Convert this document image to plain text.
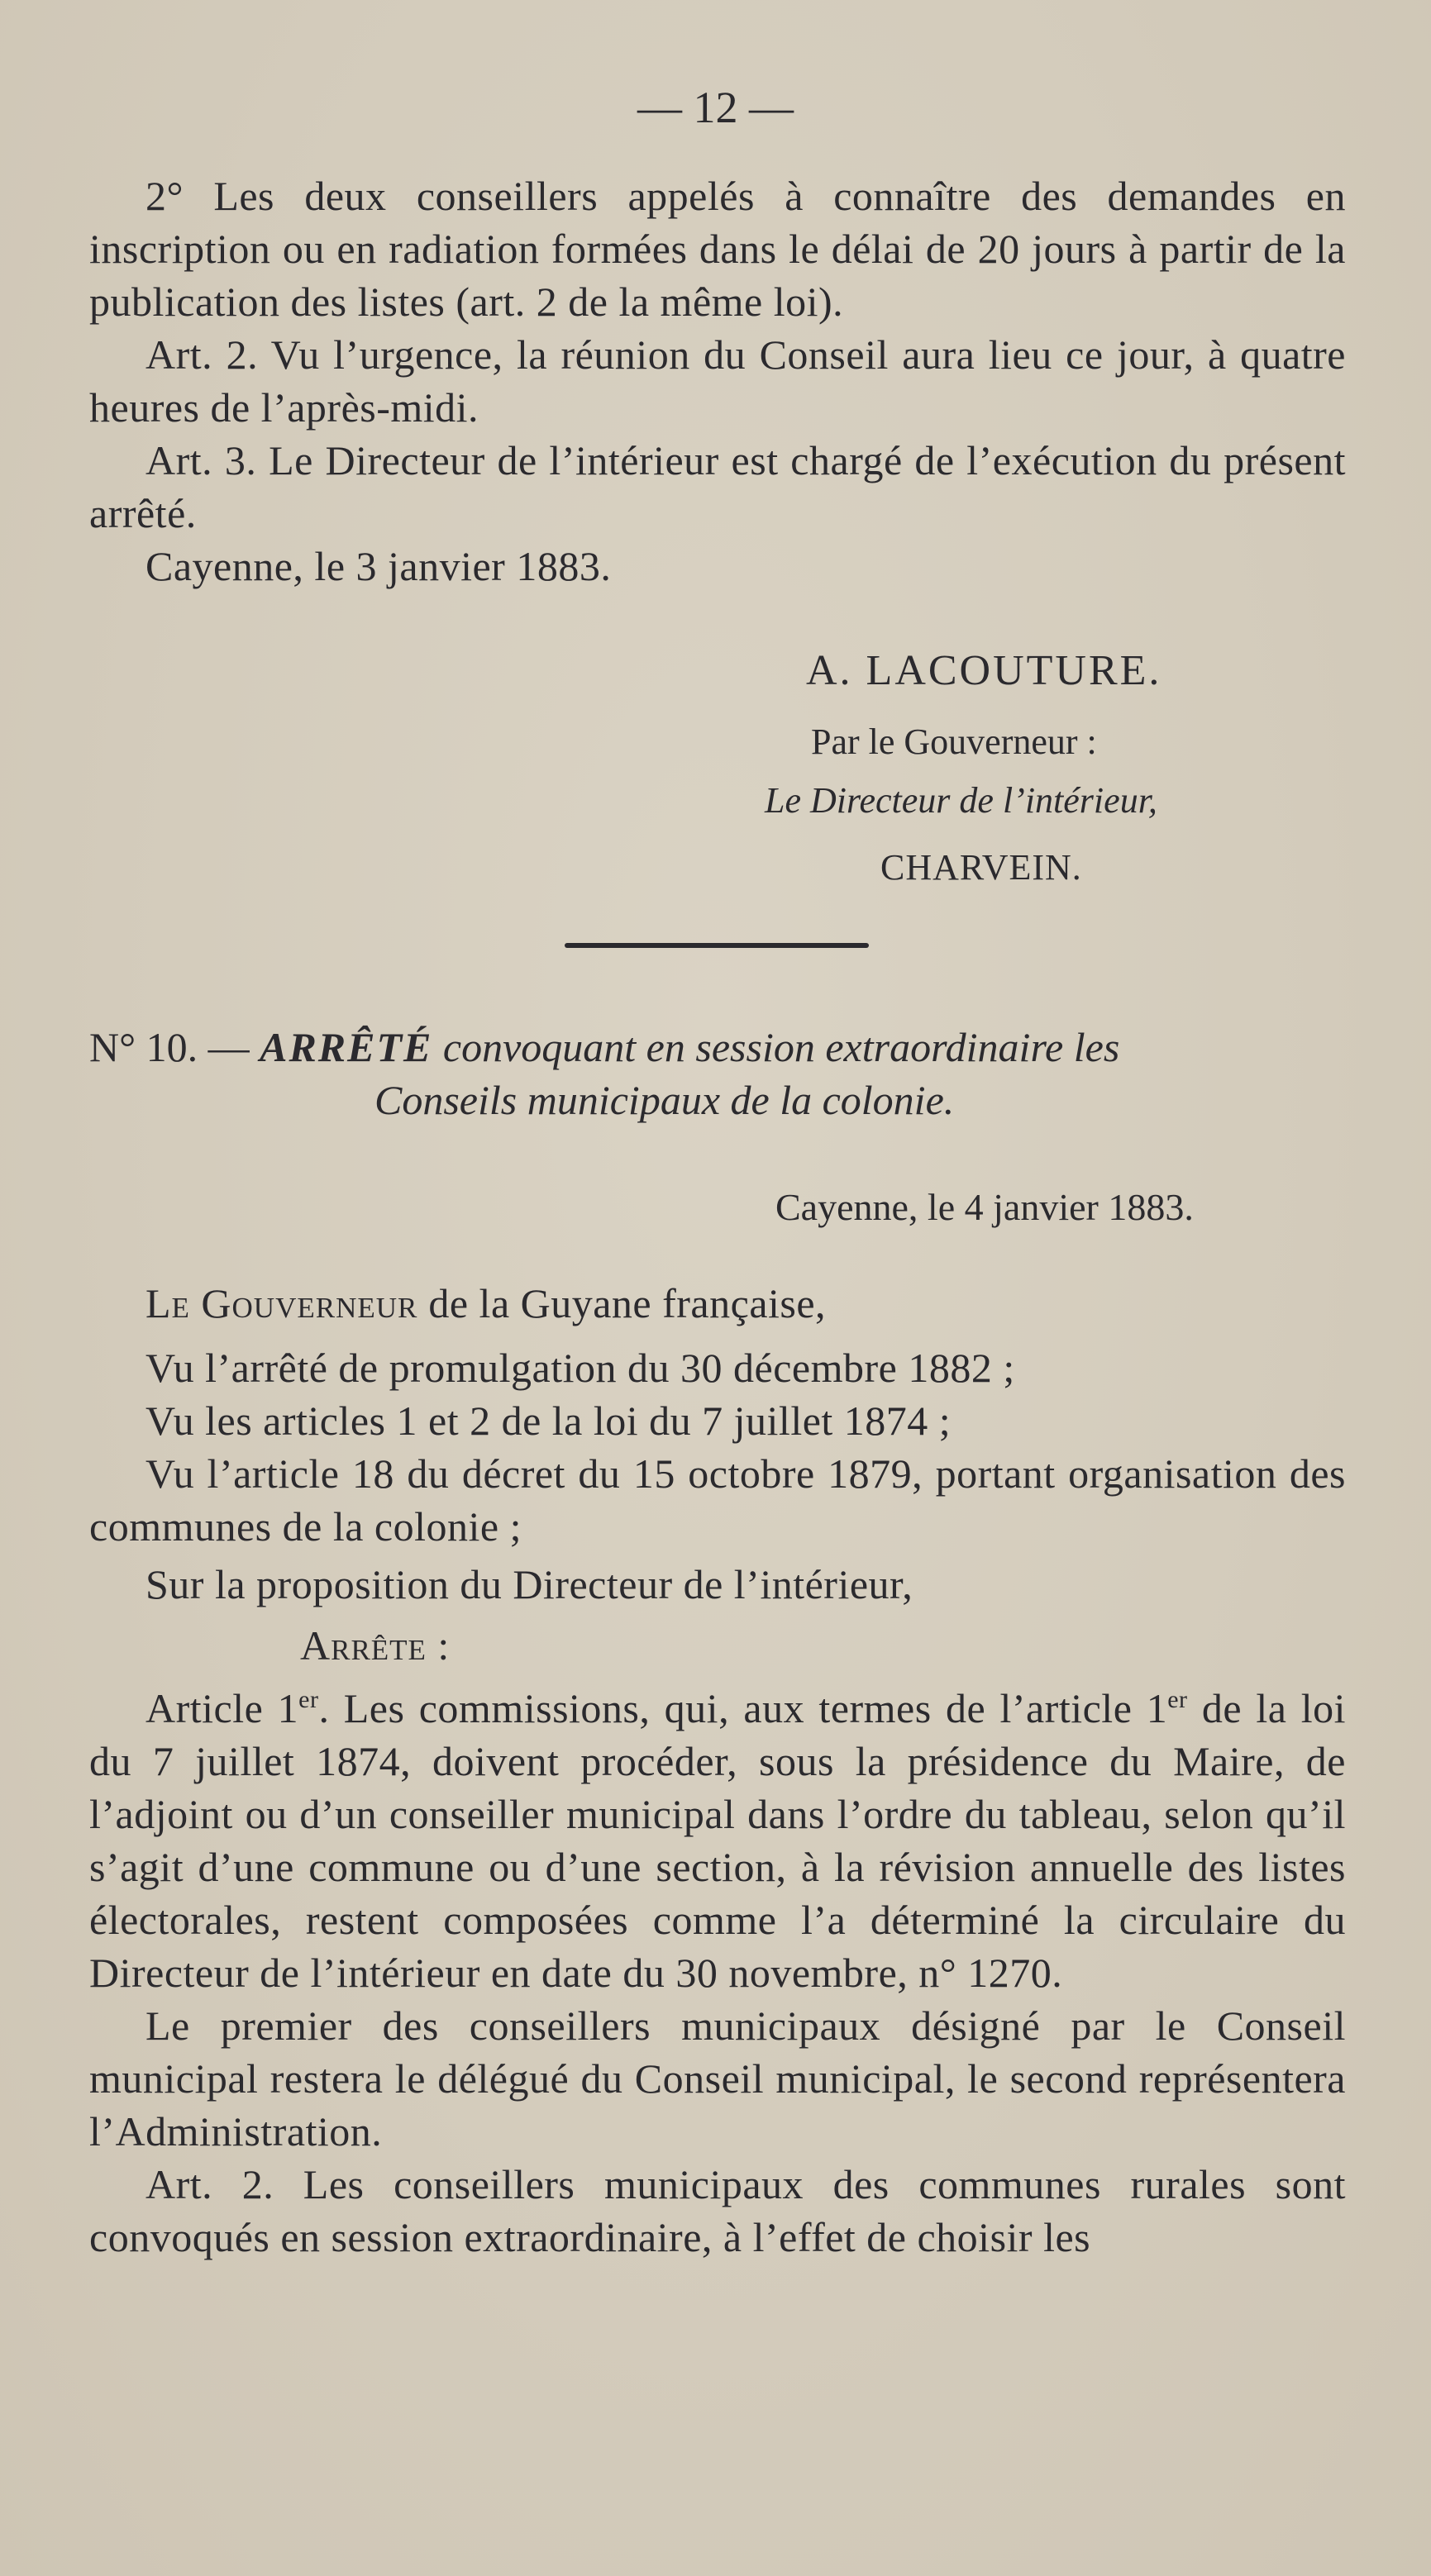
— 12 —

2° Les deux conseillers appelés à connaître des demandes en inscription ou en radiation formées dans le délai de 20 jours à partir de la publication des listes (art. 2 de la même loi).

Art. 2. Vu l’urgence, la réunion du Conseil aura lieu ce jour, à quatre heures de l’après-midi.

Art. 3. Le Directeur de l’intérieur est chargé de l’exécution du présent arrêté.

Cayenne, le 3 janvier 1883.

A. LACOUTURE.
Par le Gouverneur :
Le Directeur de l’intérieur,
CHARVEIN.
N° 10. — ARRÊTÉ convoquant en session extraordinaire les
Conseils municipaux de la colonie.
Cayenne, le 4 janvier 1883.

Le Gouverneur de la Guyane française,

Vu l’arrêté de promulgation du 30 décembre 1882 ;

Vu les articles 1 et 2 de la loi du 7 juillet 1874 ;

Vu l’article 18 du décret du 15 octobre 1879, portant organisation des communes de la colonie ;

Sur la proposition du Directeur de l’intérieur,

Arrête :

Article 1er. Les commissions, qui, aux termes de l’article 1er de la loi du 7 juillet 1874, doivent procéder, sous la présidence du Maire, de l’adjoint ou d’un conseiller municipal dans l’ordre du tableau, selon qu’il s’agit d’une commune ou d’une section, à la révision annuelle des listes électorales, restent composées comme l’a déterminé la circulaire du Directeur de l’intérieur en date du 30 novembre, n° 1270.

Le premier des conseillers municipaux désigné par le Conseil municipal restera le délégué du Conseil municipal, le second représentera l’Administration.

Art. 2. Les conseillers municipaux des communes rurales sont convoqués en session extraordinaire, à l’effet de choisir les
